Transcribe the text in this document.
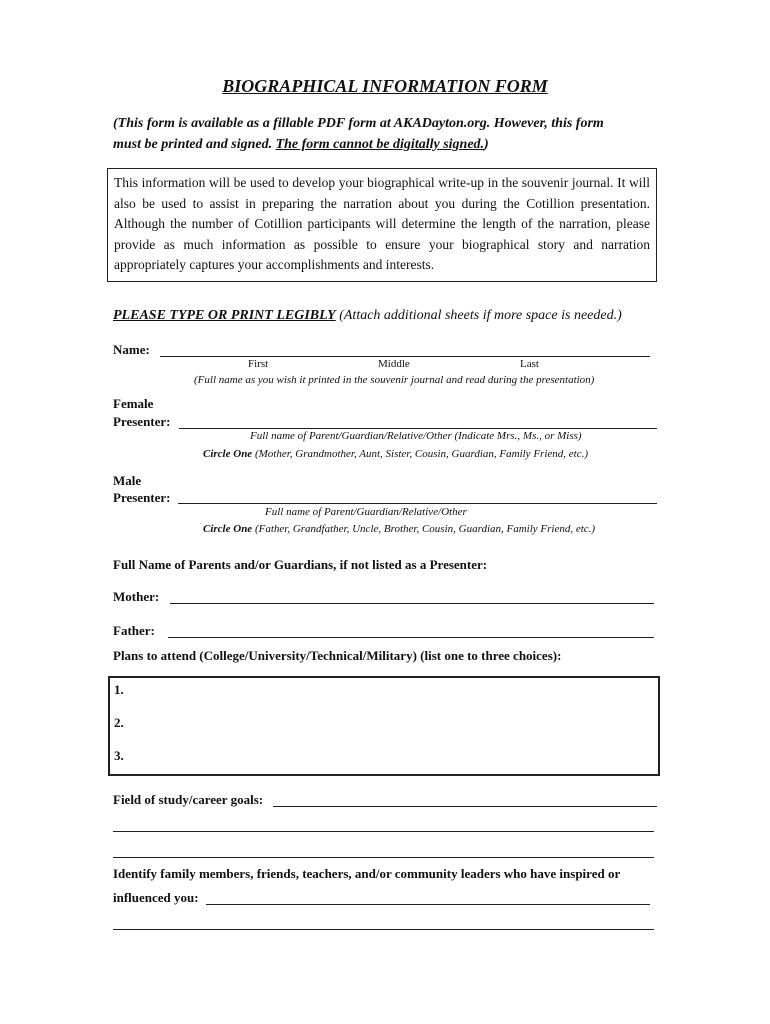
BIOGRAPHICAL INFORMATION FORM
(This form is available as a fillable PDF form at AKADayton.org. However, this form
must be printed and signed. The form cannot be digitally signed.)
This information will be used to develop your biographical write-up in the souvenir journal. It will also be used to assist in preparing the narration about you during the Cotillion presentation. Although the number of Cotillion participants will determine the length of the narration, please provide as much information as possible to ensure your biographical story and narration appropriately captures your accomplishments and interests.
PLEASE TYPE OR PRINT LEGIBLY (Attach additional sheets if more space is needed.)
Name:
First	Middle	Last
(Full name as you wish it printed in the souvenir journal and read during the presentation)
Female
Presenter:
Full name of Parent/Guardian/Relative/Other (Indicate Mrs., Ms., or Miss)
Circle One (Mother, Grandmother, Aunt, Sister, Cousin, Guardian, Family Friend, etc.)
Male
Presenter:
Full name of Parent/Guardian/Relative/Other
Circle One (Father, Grandfather, Uncle, Brother, Cousin, Guardian, Family Friend, etc.)
Full Name of Parents and/or Guardians, if not listed as a Presenter:
Mother:
Father:
Plans to attend (College/University/Technical/Military) (list one to three choices):
1.
2.
3.
Field of study/career goals:
Identify family members, friends, teachers, and/or community leaders who have inspired or
influenced you:
